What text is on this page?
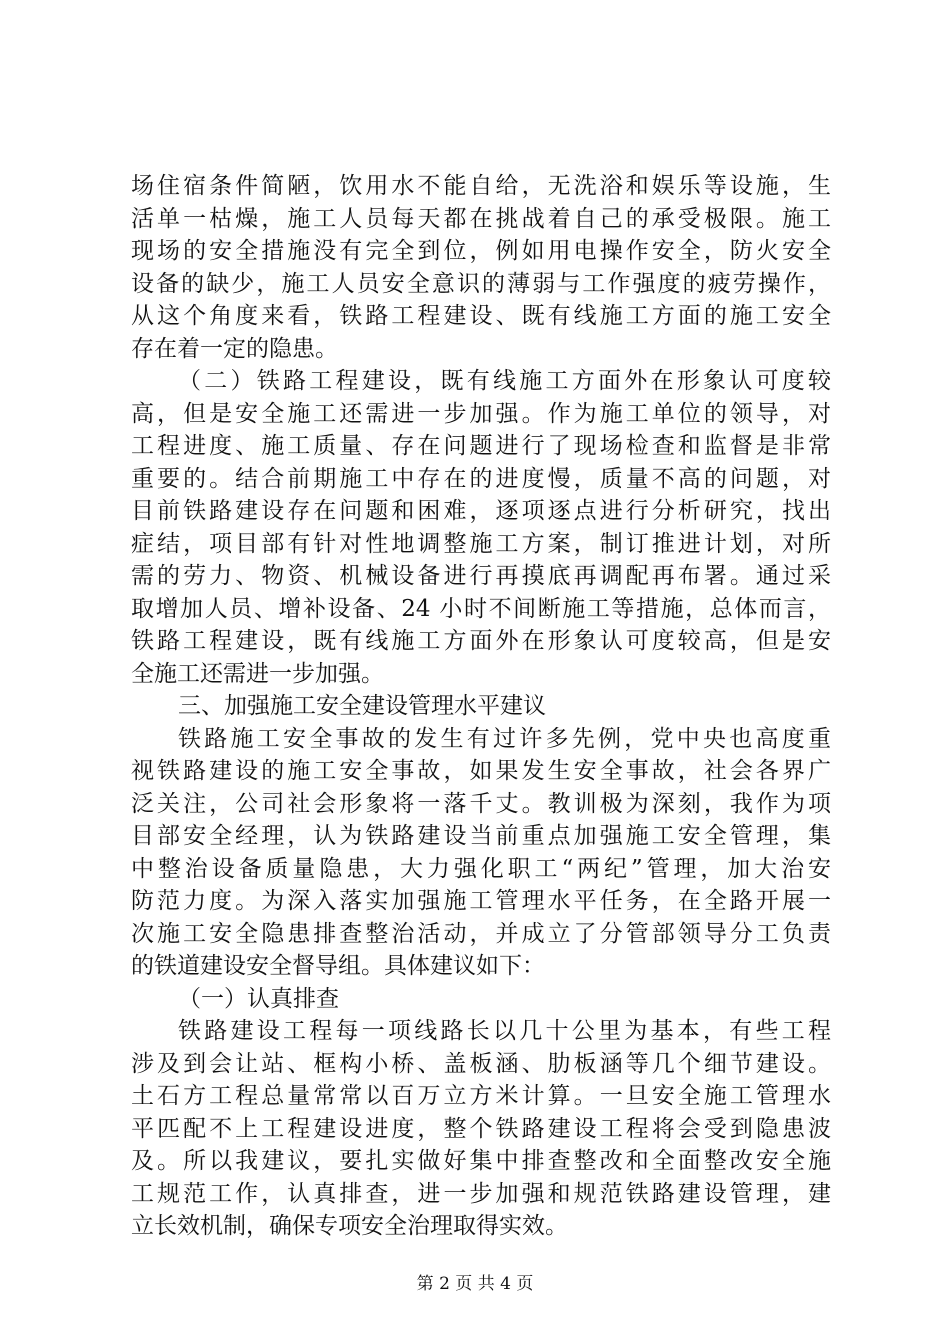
场住宿条件简陋，饮用水不能自给，无洗浴和娱乐等设施，生
活单一枯燥，施工人员每天都在挑战着自己的承受极限。施工
现场的安全措施没有完全到位，例如用电操作安全，防火安全
设备的缺少，施工人员安全意识的薄弱与工作强度的疲劳操作，
从这个角度来看，铁路工程建设、既有线施工方面的施工安全
存在着一定的隐患。
（二）铁路工程建设，既有线施工方面外在形象认可度较
高，但是安全施工还需进一步加强。作为施工单位的领导，对
工程进度、施工质量、存在问题进行了现场检查和监督是非常
重要的。结合前期施工中存在的进度慢，质量不高的问题，对
目前铁路建设存在问题和困难，逐项逐点进行分析研究，找出
症结，项目部有针对性地调整施工方案，制订推进计划，对所
需的劳力、物资、机械设备进行再摸底再调配再布署。通过采
取增加人员、增补设备、24 小时不间断施工等措施，总体而言，
铁路工程建设，既有线施工方面外在形象认可度较高，但是安
全施工还需进一步加强。
三、加强施工安全建设管理水平建议
铁路施工安全事故的发生有过许多先例，党中央也高度重
视铁路建设的施工安全事故，如果发生安全事故，社会各界广
泛关注，公司社会形象将一落千丈。教训极为深刻，我作为项
目部安全经理，认为铁路建设当前重点加强施工安全管理，集
中整治设备质量隐患，大力强化职工“两纪”管理，加大治安
防范力度。为深入落实加强施工管理水平任务，在全路开展一
次施工安全隐患排查整治活动，并成立了分管部领导分工负责
的铁道建设安全督导组。具体建议如下：
（一）认真排查
铁路建设工程每一项线路长以几十公里为基本，有些工程
涉及到会让站、框构小桥、盖板涵、肋板涵等几个细节建设。
土石方工程总量常常以百万立方米计算。一旦安全施工管理水
平匹配不上工程建设进度，整个铁路建设工程将会受到隐患波
及。所以我建议，要扎实做好集中排查整改和全面整改安全施
工规范工作，认真排查，进一步加强和规范铁路建设管理，建
立长效机制，确保专项安全治理取得实效。
第 2 页 共 4 页
